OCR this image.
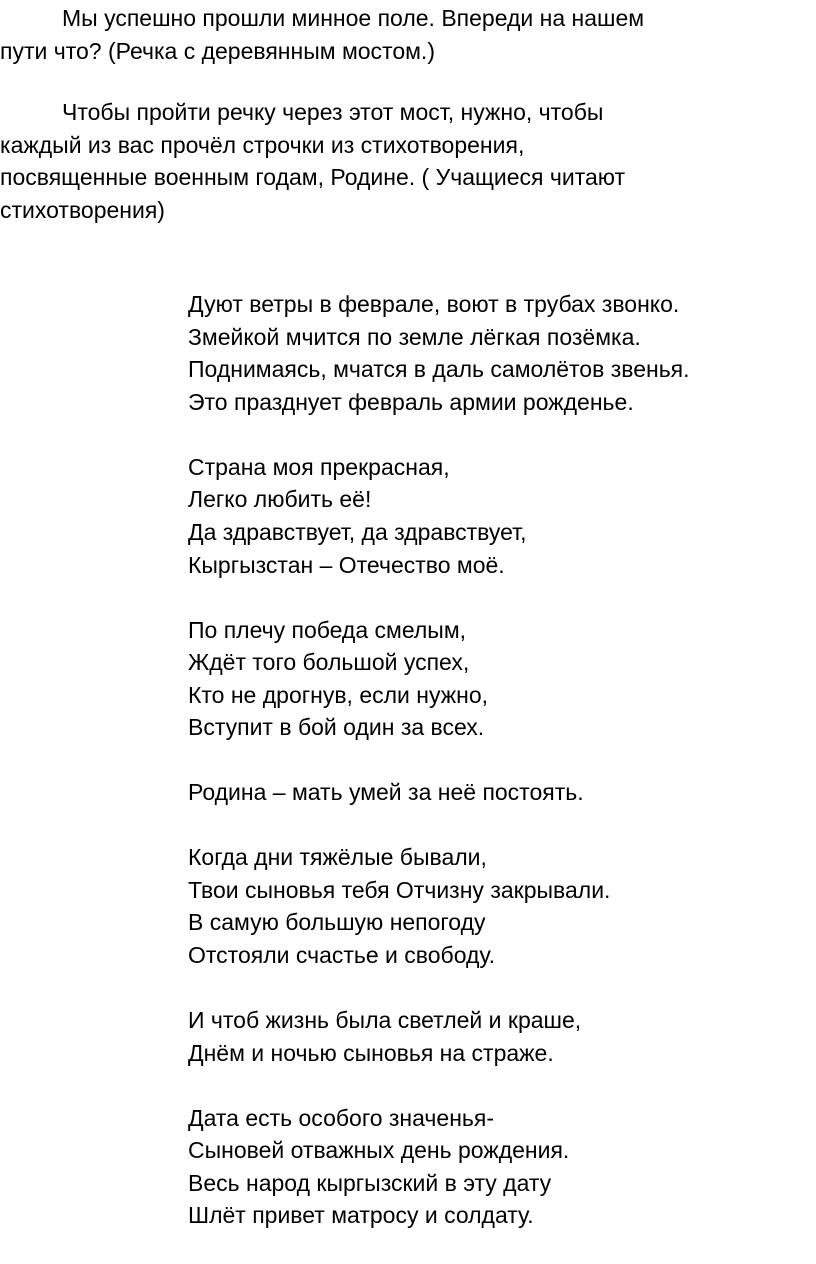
Мы успешно прошли минное поле. Впереди на нашем
пути что? (Речка с деревянным мостом.)

Чтобы пройти речку через этот мост, нужно, чтобы
каждый из вас прочёл строчки из стихотворения,
посвященные военным годам, Родине. ( Учащиеся читают
стихотворения)

Дуют ветры в феврале, воют в трубах звонко.
Змейкой мчится по земле лёгкая позёмка.
Поднимаясь, мчатся в даль самолётов звенья.
Это празднует февраль армии рожденье.
Страна моя прекрасная,
Легко любить её!
Да здравствует, да здравствует,
Кыргызстан – Отечество моё.
По плечу победа смелым,
Ждёт того большой успех,
Кто не дрогнув, если нужно,
Вступит в бой один за всех.
Родина – мать умей за неё постоять.
Когда дни тяжёлые бывали,
Твои сыновья тебя Отчизну закрывали.
В самую большую непогоду
Отстояли счастье и свободу.
И чтоб жизнь была светлей и краше,
Днём и ночью сыновья на страже.
Дата есть особого значенья-
Сыновей отважных день рождения.
Весь народ кыргызский в эту дату
Шлёт привет матросу и солдату.
